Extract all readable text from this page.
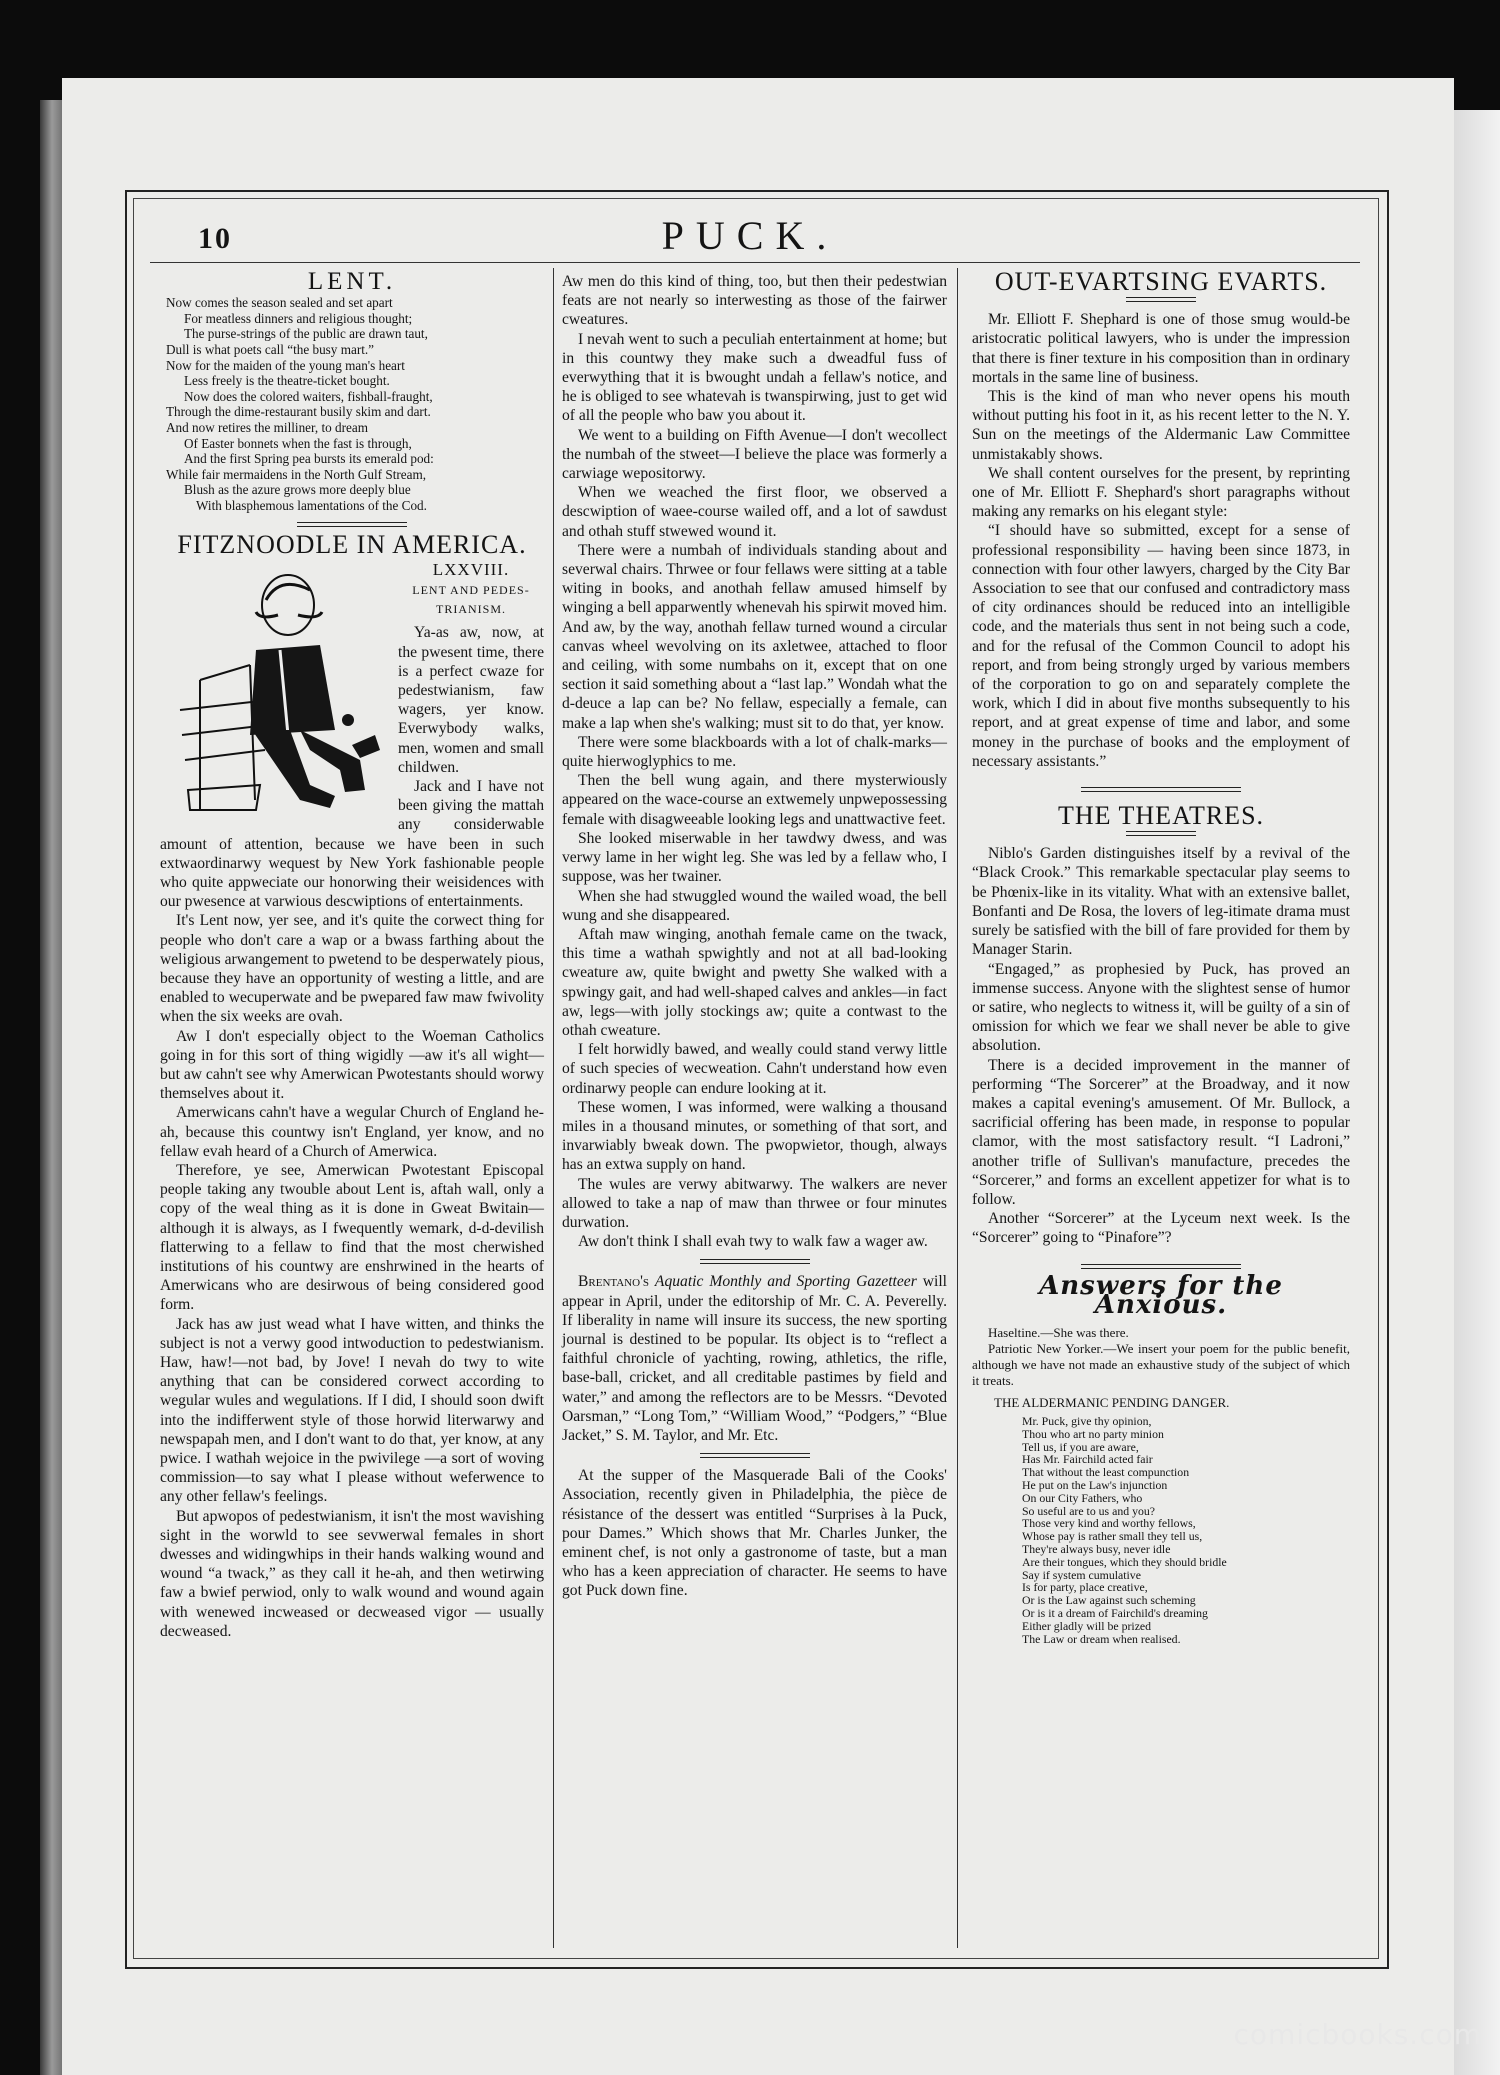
10	PUCK.
LENT.
Now comes the season sealed and set apart
For meatless dinners and religious thought;
The purse-strings of the public are drawn taut,
Dull is what poets call “the busy mart.”
Now for the maiden of the young man's heart
Less freely is the theatre-ticket bought.
Now does the colored waiters, fishball-fraught,
Through the dime-restaurant busily skim and dart.
And now retires the milliner, to dream
Of Easter bonnets when the fast is through,
And the first Spring pea bursts its emerald pod:
While fair mermaidens in the North Gulf Stream,
Blush as the azure grows more deeply blue
With blasphemous lamentations of the Cod.
FITZNOODLE IN AMERICA.
LXXVIII.
LENT AND PEDES-TRIANISM.

Ya-as aw, now, at the pwesent time, there is a perfect cwaze for pedestwianism, faw wagers, yer know. Everwybody walks, men, women and small childwen.

Jack and I have not been giving the mattah any considerwable amount of attention, because we have been in such extwaordinarwy wequest by New York fashionable people who quite appweciate our honorwing their weisidences with our pwesence at varwious descwiptions of entertainments.

It's Lent now, yer see, and it's quite the corwect thing for people who don't care a wap or a bwass farthing about the weligious arwangement to pwetend to be desperwately pious, because they have an opportunity of westing a little, and are enabled to wecuperwate and be pwepared faw maw fwivolity when the six weeks are ovah.

Aw I don't especially object to the Woeman Catholics going in for this sort of thing wigidly —aw it's all wight—but aw cahn't see why Amerwican Pwotestants should worwy themselves about it.

Amerwicans cahn't have a wegular Church of England he-ah, because this countwy isn't England, yer know, and no fellaw evah heard of a Church of Amerwica.

Therefore, ye see, Amerwican Pwotestant Episcopal people taking any twouble about Lent is, aftah wall, only a copy of the weal thing as it is done in Gweat Bwitain—although it is always, as I fwequently wemark, d-d-devilish flatterwing to a fellaw to find that the most cherwished institutions of his countwy are enshrwined in the hearts of Amerwicans who are desirwous of being considered good form.

Jack has aw just wead what I have witten, and thinks the subject is not a verwy good intwoduction to pedestwianism. Haw, haw!—not bad, by Jove! I nevah do twy to wite anything that can be considered corwect according to wegular wules and wegulations. If I did, I should soon dwift into the indifferwent style of those horwid literwarwy and newspapah men, and I don't want to do that, yer know, at any pwice. I wathah wejoice in the pwivilege —a sort of woving commission—to say what I please without weferwence to any other fellaw's feelings.

But apwopos of pedestwianism, it isn't the most wavishing sight in the worwld to see sevwerwal females in short dwesses and widingwhips in their hands walking wound and wound “a twack,” as they call it he-ah, and then wetirwing faw a bwief perwiod, only to walk wound and wound again with wenewed incweased or decweased vigor — usually decweased.

Aw men do this kind of thing, too, but then their pedestwian feats are not nearly so interwesting as those of the fairwer cweatures.

I nevah went to such a peculiah entertainment at home; but in this countwy they make such a dweadful fuss of everwything that it is bwought undah a fellaw's notice, and he is obliged to see whatevah is twanspirwing, just to get wid of all the people who baw you about it.

We went to a building on Fifth Avenue—I don't wecollect the numbah of the stweet—I believe the place was formerly a carwiage wepositorwy.

When we weached the first floor, we observed a descwiption of waee-course wailed off, and a lot of sawdust and othah stuff stwewed wound it.

There were a numbah of individuals standing about and severwal chairs. Thrwee or four fellaws were sitting at a table witing in books, and anothah fellaw amused himself by winging a bell apparwently whenevah his spirwit moved him. And aw, by the way, anothah fellaw turned wound a circular canvas wheel wevolving on its axletwee, attached to floor and ceiling, with some numbahs on it, except that on one section it said something about a “last lap.” Wondah what the d-deuce a lap can be? No fellaw, especially a female, can make a lap when she's walking; must sit to do that, yer know.

There were some blackboards with a lot of chalk-marks—quite hierwoglyphics to me.

Then the bell wung again, and there mysterwiously appeared on the wace-course an extwemely unpwepossessing female with disagweeable looking legs and unattwactive feet.

She looked miserwable in her tawdwy dwess, and was verwy lame in her wight leg. She was led by a fellaw who, I suppose, was her twainer.

When she had stwuggled wound the wailed woad, the bell wung and she disappeared.

Aftah maw winging, anothah female came on the twack, this time a wathah spwightly and not at all bad-looking cweature aw, quite bwight and pwetty She walked with a spwingy gait, and had well-shaped calves and ankles—in fact aw, legs—with jolly stockings aw; quite a contwast to the othah cweature.

I felt horwidly bawed, and weally could stand verwy little of such species of wecweation. Cahn't understand how even ordinarwy people can endure looking at it.

These women, I was informed, were walking a thousand miles in a thousand minutes, or something of that sort, and invarwiably bweak down. The pwopwietor, though, always has an extwa supply on hand.

The wules are verwy abitwarwy. The walkers are never allowed to take a nap of maw than thrwee or four minutes durwation.

Aw don't think I shall evah twy to walk faw a wager aw.

Brentano's Aquatic Monthly and Sporting Gazetteer will appear in April, under the editorship of Mr. C. A. Peverelly. If liberality in name will insure its success, the new sporting journal is destined to be popular. Its object is to “reflect a faithful chronicle of yachting, rowing, athletics, the rifle, base-ball, cricket, and all creditable pastimes by field and water,” and among the reflectors are to be Messrs. “Devoted Oarsman,” “Long Tom,” “William Wood,” “Podgers,” “Blue Jacket,” S. M. Taylor, and Mr. Etc.

At the supper of the Masquerade Bali of the Cooks' Association, recently given in Philadelphia, the pièce de résistance of the dessert was entitled “Surprises à la Puck, pour Dames.” Which shows that Mr. Charles Junker, the eminent chef, is not only a gastronome of taste, but a man who has a keen appreciation of character. He seems to have got Puck down fine.

OUT-EVARTSING EVARTS.

Mr. Elliott F. Shephard is one of those smug would-be aristocratic political lawyers, who is under the impression that there is finer texture in his composition than in ordinary mortals in the same line of business.

This is the kind of man who never opens his mouth without putting his foot in it, as his recent letter to the N. Y. Sun on the meetings of the Aldermanic Law Committee unmistakably shows.

We shall content ourselves for the present, by reprinting one of Mr. Elliott F. Shephard's short paragraphs without making any remarks on his elegant style:

“I should have so submitted, except for a sense of professional responsibility — having been since 1873, in connection with four other lawyers, charged by the City Bar Association to see that our confused and contradictory mass of city ordinances should be reduced into an intelligible code, and the materials thus sent in not being such a code, and for the refusal of the Common Council to adopt his report, and from being strongly urged by various members of the corporation to go on and separately complete the work, which I did in about five months subsequently to his report, and at great expense of time and labor, and some money in the purchase of books and the employment of necessary assistants.”

THE THEATRES.

Niblo's Garden distinguishes itself by a revival of the “Black Crook.” This remarkable spectacular play seems to be Phœnix-like in its vitality. What with an extensive ballet, Bonfanti and De Rosa, the lovers of leg-itimate drama must surely be satisfied with the bill of fare provided for them by Manager Starin.

“Engaged,” as prophesied by Puck, has proved an immense success. Anyone with the slightest sense of humor or satire, who neglects to witness it, will be guilty of a sin of omission for which we fear we shall never be able to give absolution.

There is a decided improvement in the manner of performing “The Sorcerer” at the Broadway, and it now makes a capital evening's amusement. Of Mr. Bullock, a sacrificial offering has been made, in response to popular clamor, with the most satisfactory result. “I Ladroni,” another trifle of Sullivan's manufacture, precedes the “Sorcerer,” and forms an excellent appetizer for what is to follow.

Another “Sorcerer” at the Lyceum next week. Is the “Sorcerer” going to “Pinafore”?

Answers for the Anxious.

Haseltine.—She was there.

Patriotic New Yorker.—We insert your poem for the public benefit, although we have not made an exhaustive study of the subject of which it treats.

THE ALDERMANIC PENDING DANGER.
Mr. Puck, give thy opinion,
Thou who art no party minion
Tell us, if you are aware,
Has Mr. Fairchild acted fair
That without the least compunction
He put on the Law's injunction
On our City Fathers, who
So useful are to us and you?
Those very kind and worthy fellows,
Whose pay is rather small they tell us,
They're always busy, never idle
Are their tongues, which they should bridle
Say if system cumulative
Is for party, place creative,
Or is the Law against such scheming
Or is it a dream of Fairchild's dreaming
Either gladly will be prized
The Law or dream when realised.
comicbooks.com
